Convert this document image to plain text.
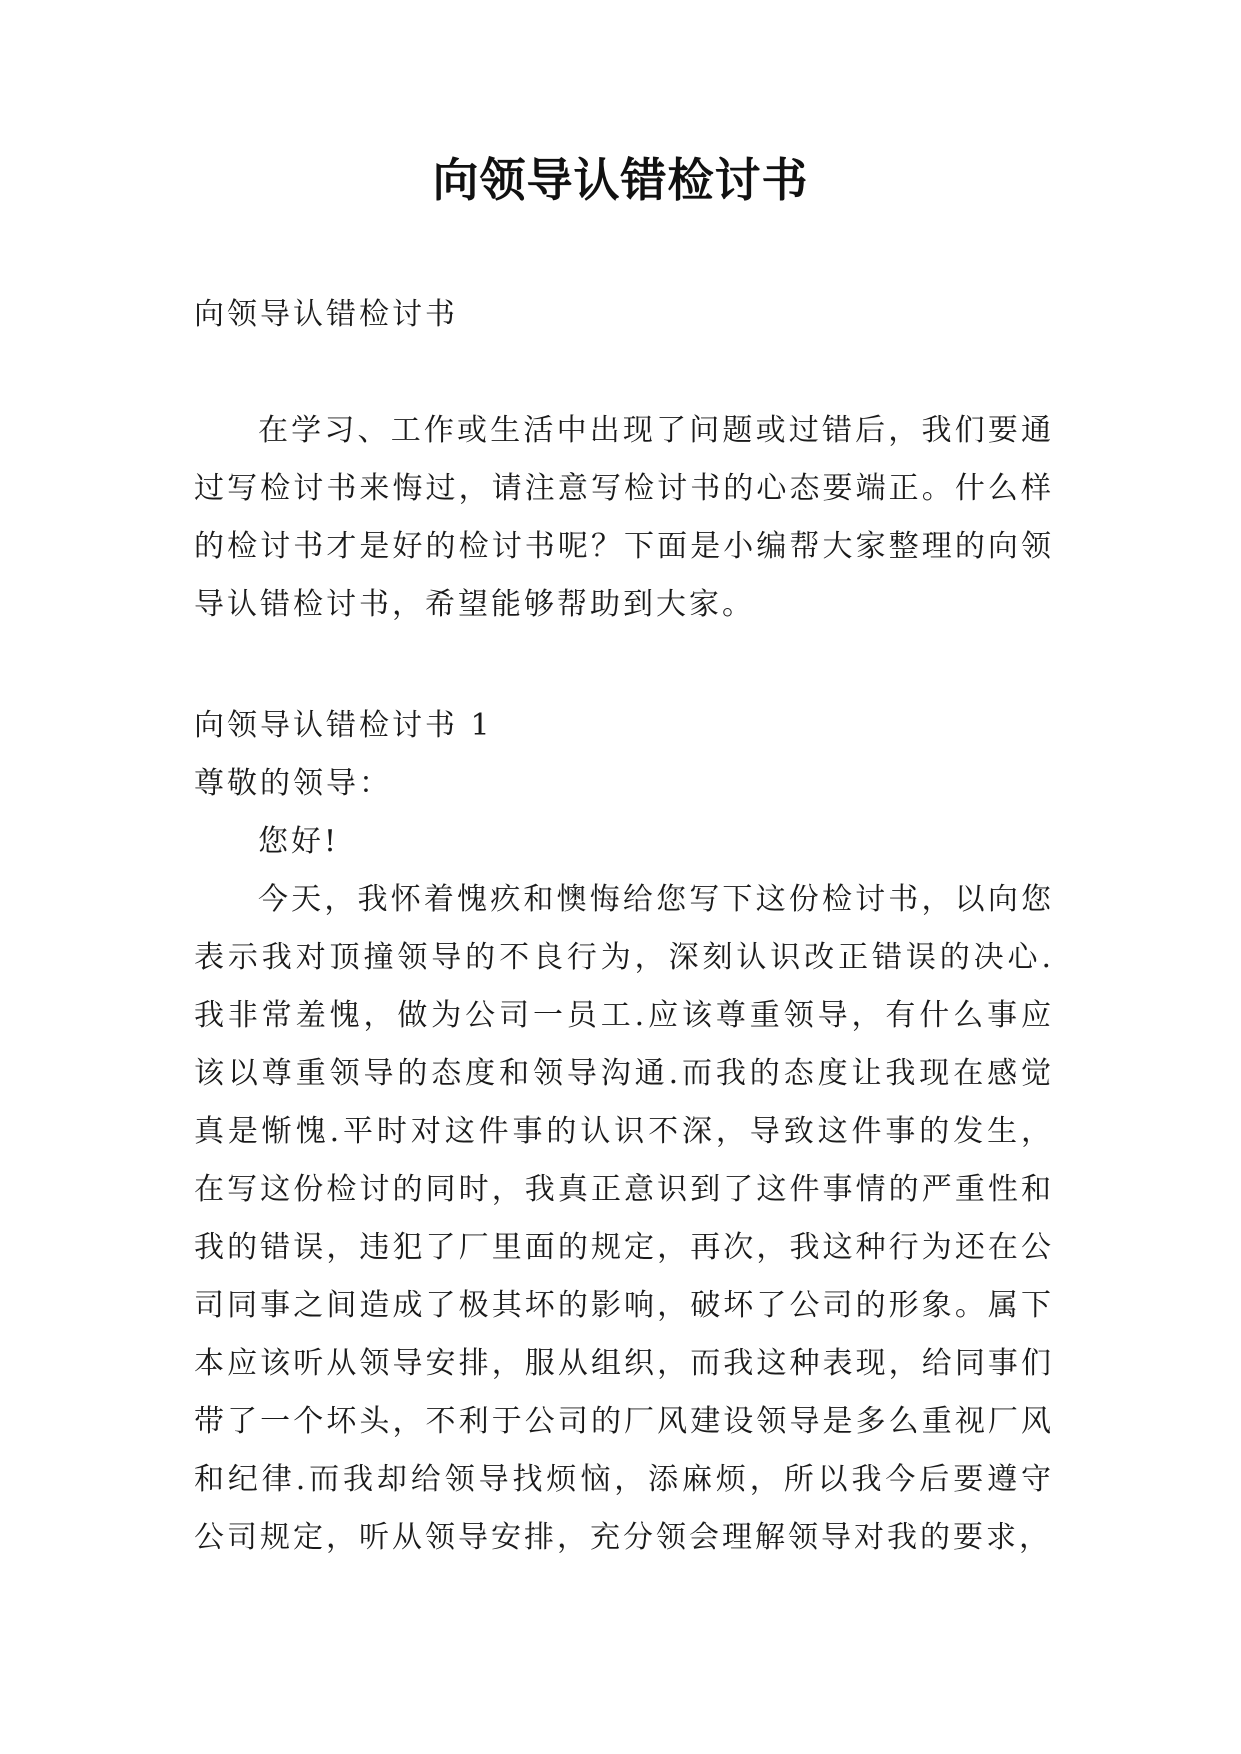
向领导认错检讨书
向领导认错检讨书

在学习、工作或生活中出现了问题或过错后，我们要通过写检讨书来悔过，请注意写检讨书的心态要端正。什么样的检讨书才是好的检讨书呢？下面是小编帮大家整理的向领导认错检讨书，希望能够帮助到大家。

向领导认错检讨书 1

尊敬的领导：

您好!

今天，我怀着愧疚和懊悔给您写下这份检讨书，以向您表示我对顶撞领导的不良行为，深刻认识改正错误的决心.我非常羞愧，做为公司一员工.应该尊重领导，有什么事应该以尊重领导的态度和领导沟通.而我的态度让我现在感觉真是惭愧.平时对这件事的认识不深，导致这件事的发生，在写这份检讨的同时，我真正意识到了这件事情的严重性和我的错误，违犯了厂里面的规定，再次，我这种行为还在公司同事之间造成了极其坏的影响，破坏了公司的形象。属下本应该听从领导安排，服从组织，而我这种表现，给同事们带了一个坏头，不利于公司的厂风建设领导是多么重视厂风和纪律.而我却给领导找烦恼，添麻烦，所以我今后要遵守公司规定，听从领导安排，充分领会理解领导对我的要求，
